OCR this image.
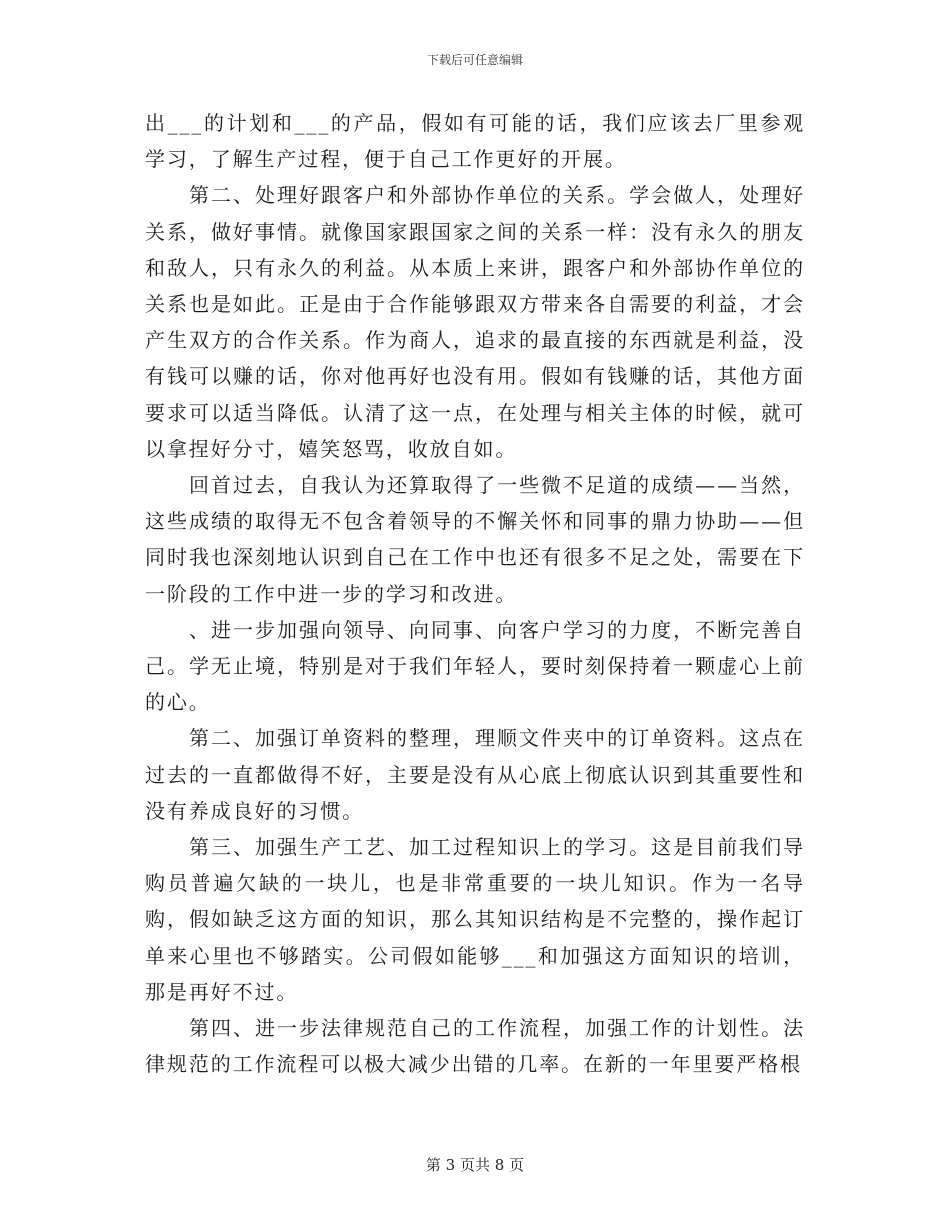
下载后可任意编辑

出___的计划和___的产品，假如有可能的话，我们应该去厂里参观学习，了解生产过程，便于自己工作更好的开展。

第二、处理好跟客户和外部协作单位的关系。学会做人，处理好关系，做好事情。就像国家跟国家之间的关系一样：没有永久的朋友和敌人，只有永久的利益。从本质上来讲，跟客户和外部协作单位的关系也是如此。正是由于合作能够跟双方带来各自需要的利益，才会产生双方的合作关系。作为商人，追求的最直接的东西就是利益，没有钱可以赚的话，你对他再好也没有用。假如有钱赚的话，其他方面要求可以适当降低。认清了这一点，在处理与相关主体的时候，就可以拿捏好分寸，嬉笑怒骂，收放自如。

回首过去，自我认为还算取得了一些微不足道的成绩——当然，这些成绩的取得无不包含着领导的不懈关怀和同事的鼎力协助——但同时我也深刻地认识到自己在工作中也还有很多不足之处，需要在下一阶段的工作中进一步的学习和改进。

、进一步加强向领导、向同事、向客户学习的力度，不断完善自己。学无止境，特别是对于我们年轻人，要时刻保持着一颗虚心上前的心。

第二、加强订单资料的整理，理顺文件夹中的订单资料。这点在过去的一直都做得不好，主要是没有从心底上彻底认识到其重要性和没有养成良好的习惯。

第三、加强生产工艺、加工过程知识上的学习。这是目前我们导购员普遍欠缺的一块儿，也是非常重要的一块儿知识。作为一名导购，假如缺乏这方面的知识，那么其知识结构是不完整的，操作起订单来心里也不够踏实。公司假如能够___和加强这方面知识的培训，那是再好不过。

第四、进一步法律规范自己的工作流程，加强工作的计划性。法律规范的工作流程可以极大减少出错的几率。在新的一年里要严格根

第 3 页共 8 页
